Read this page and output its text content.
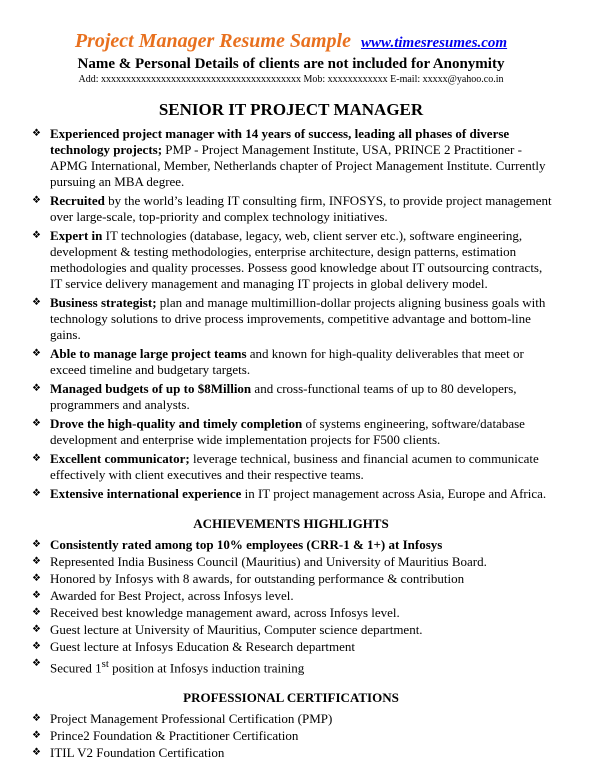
Project Manager Resume Sample www.timesresumes.com
Name & Personal Details of clients are not included for Anonymity
Add: xxxxxxxxxxxxxxxxxxxxxxxxxxxxxxxxxxxxxxxx Mob: xxxxxxxxxxxx E-mail: xxxxx@yahoo.co.in
SENIOR IT PROJECT MANAGER
❖ Experienced project manager with 14 years of success, leading all phases of diverse technology projects; PMP - Project Management Institute, USA, PRINCE 2 Practitioner - APMG International, Member, Netherlands chapter of Project Management Institute. Currently pursuing an MBA degree.
❖ Recruited by the world’s leading IT consulting firm, INFOSYS, to provide project management over large-scale, top-priority and complex technology initiatives.
❖ Expert in IT technologies (database, legacy, web, client server etc.), software engineering, development & testing methodologies, enterprise architecture, design patterns, estimation methodologies and quality processes. Possess good knowledge about IT outsourcing contracts, IT service delivery management and managing IT projects in global delivery model.
❖ Business strategist; plan and manage multimillion-dollar projects aligning business goals with technology solutions to drive process improvements, competitive advantage and bottom-line gains.
❖ Able to manage large project teams and known for high-quality deliverables that meet or exceed timeline and budgetary targets.
❖ Managed budgets of up to $8Million and cross-functional teams of up to 80 developers, programmers and analysts.
❖ Drove the high-quality and timely completion of systems engineering, software/database development and enterprise wide implementation projects for F500 clients.
❖ Excellent communicator; leverage technical, business and financial acumen to communicate effectively with client executives and their respective teams.
❖ Extensive international experience in IT project management across Asia, Europe and Africa.
ACHIEVEMENTS HIGHLIGHTS
❖ Consistently rated among top 10% employees (CRR-1 & 1+) at Infosys
❖ Represented India Business Council (Mauritius) and University of Mauritius Board.
❖ Honored by Infosys with 8 awards, for outstanding performance & contribution
❖ Awarded for Best Project, across Infosys level.
❖ Received best knowledge management award, across Infosys level.
❖ Guest lecture at University of Mauritius, Computer science department.
❖ Guest lecture at Infosys Education & Research department
❖ Secured 1st position at Infosys induction training
PROFESSIONAL CERTIFICATIONS
❖ Project Management Professional Certification (PMP)
❖ Prince2 Foundation & Practitioner Certification
❖ ITIL V2 Foundation Certification
